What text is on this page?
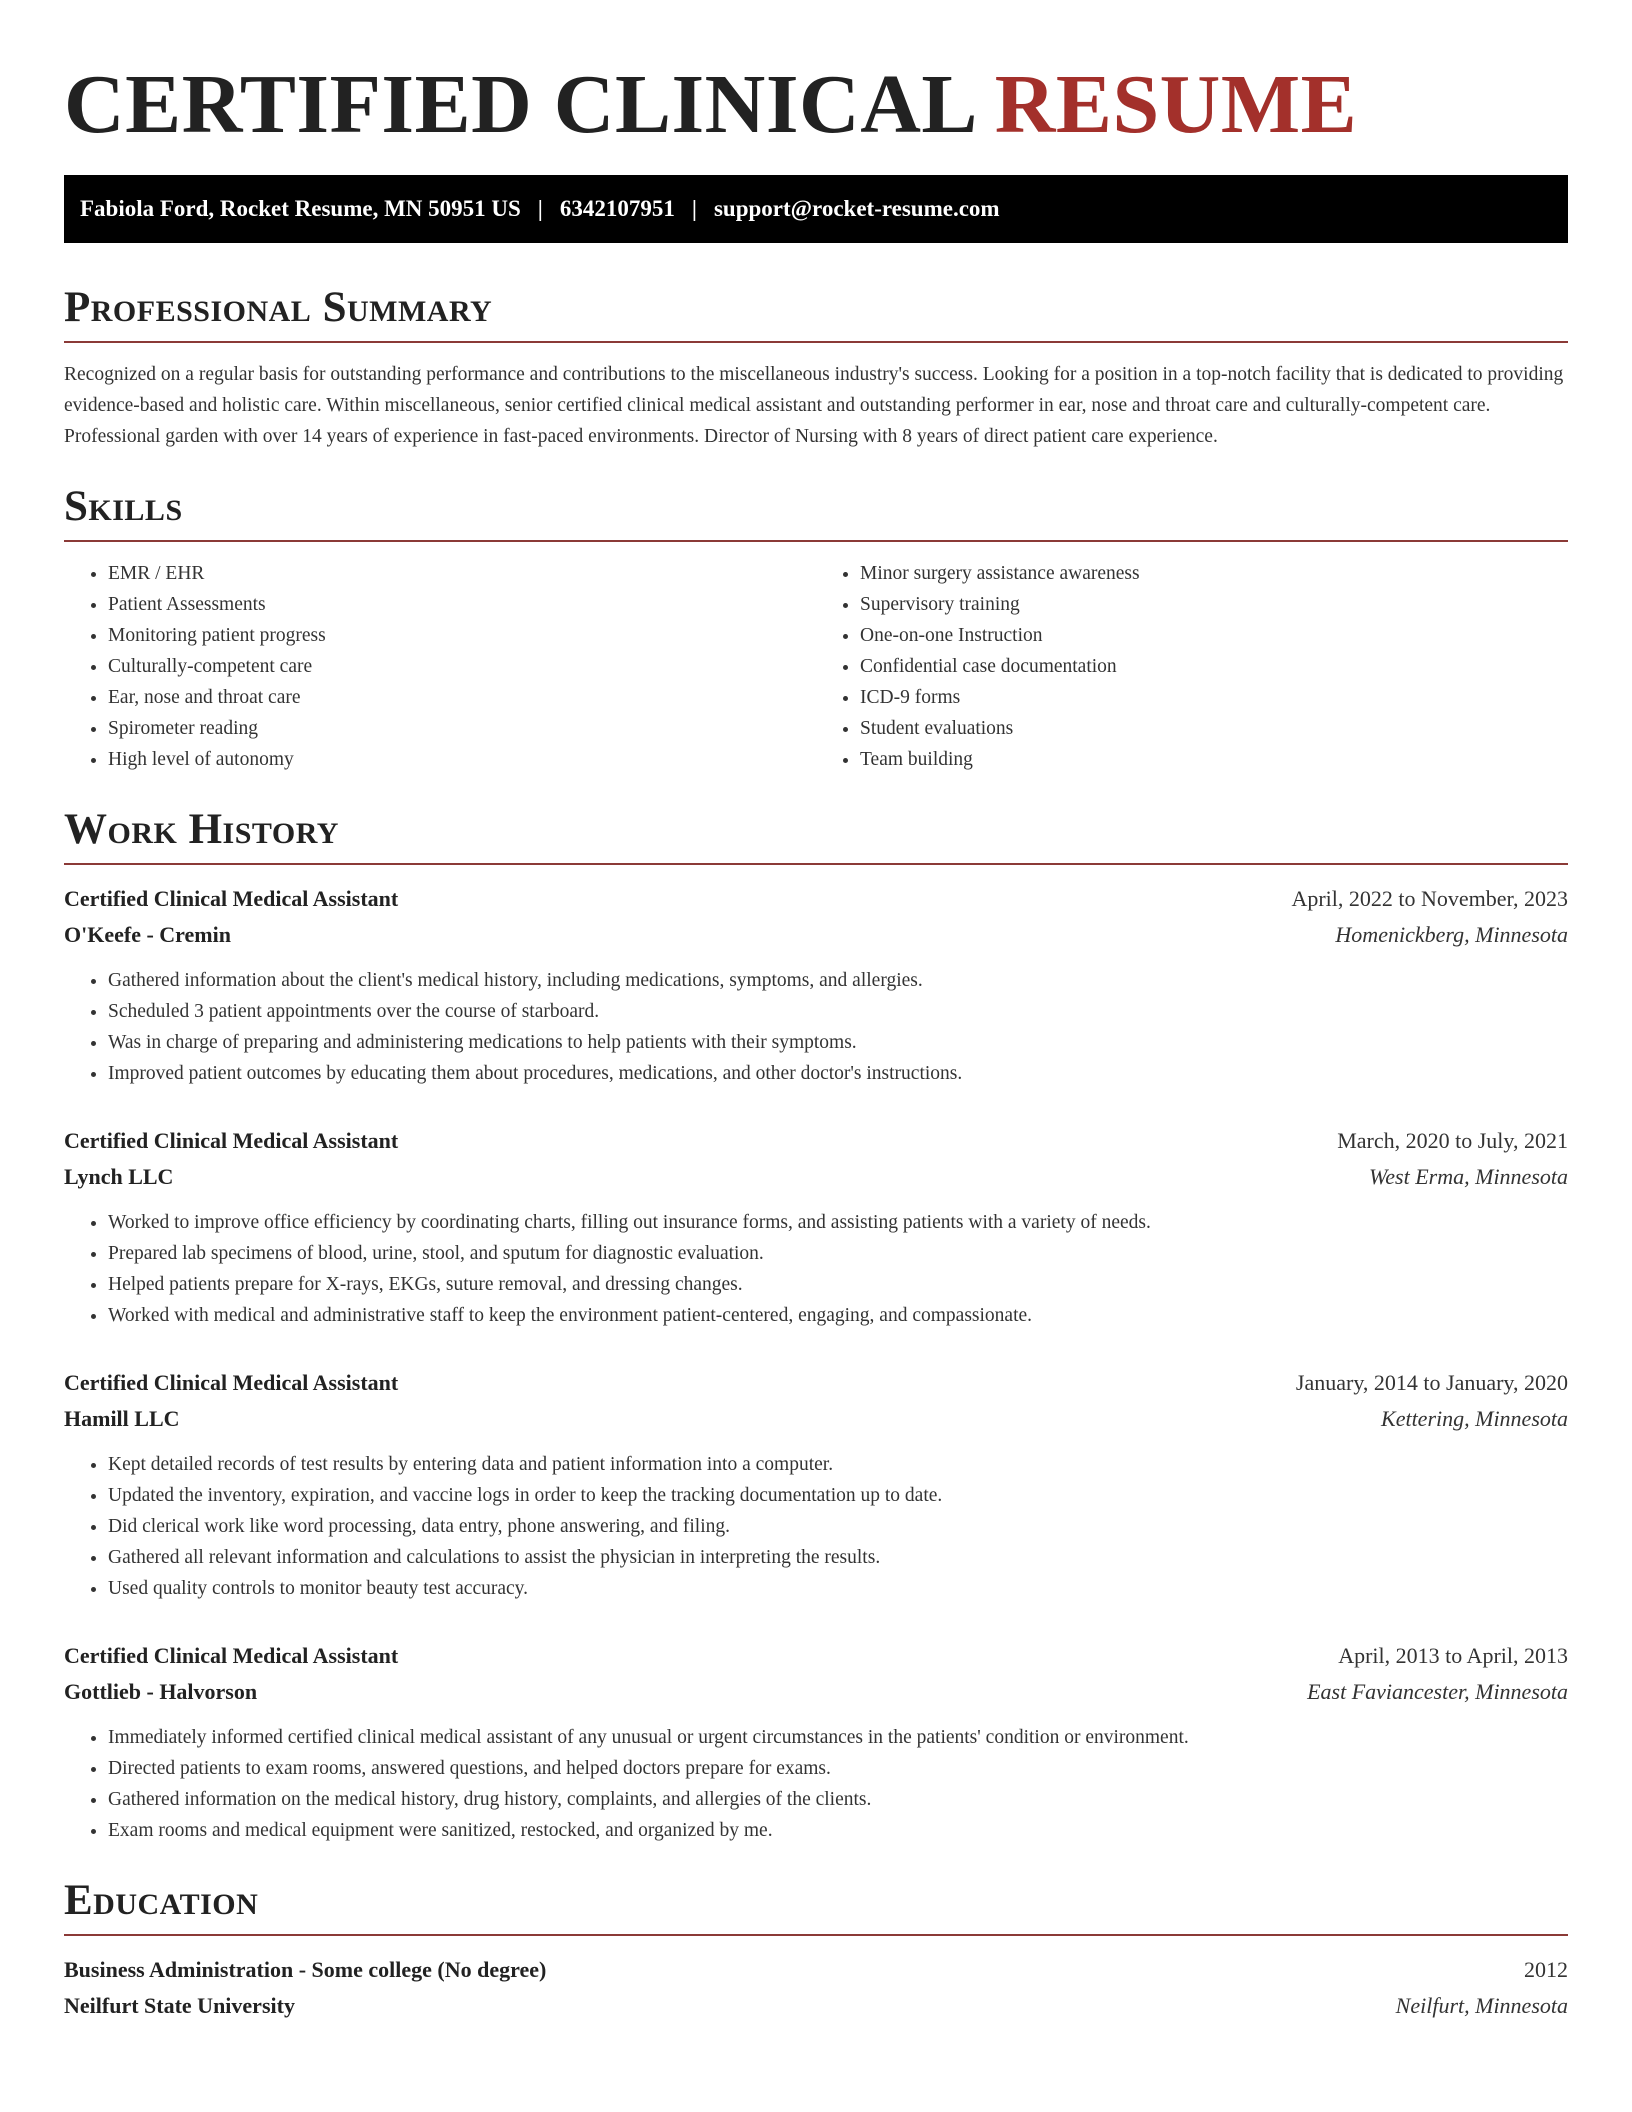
CERTIFIED CLINICAL RESUME
Fabiola Ford, Rocket Resume, MN 50951 US | 6342107951 | support@rocket-resume.com
Professional Summary

Recognized on a regular basis for outstanding performance and contributions to the miscellaneous industry's success. Looking for a position in a top-notch facility that is dedicated to providing evidence-based and holistic care. Within miscellaneous, senior certified clinical medical assistant and outstanding performer in ear, nose and throat care and culturally-competent care. Professional garden with over 14 years of experience in fast-paced environments. Director of Nursing with 8 years of direct patient care experience.

Skills
• EMR / EHR
• Patient Assessments
• Monitoring patient progress
• Culturally-competent care
• Ear, nose and throat care
• Spirometer reading
• High level of autonomy
• Minor surgery assistance awareness
• Supervisory training
• One-on-one Instruction
• Confidential case documentation
• ICD-9 forms
• Student evaluations
• Team building
Work History
Certified Clinical Medical Assistant	April, 2022 to November, 2023
O'Keefe - Cremin	Homenickberg, Minnesota
• Gathered information about the client's medical history, including medications, symptoms, and allergies.
• Scheduled 3 patient appointments over the course of starboard.
• Was in charge of preparing and administering medications to help patients with their symptoms.
• Improved patient outcomes by educating them about procedures, medications, and other doctor's instructions.
Certified Clinical Medical Assistant	March, 2020 to July, 2021
Lynch LLC	West Erma, Minnesota
• Worked to improve office efficiency by coordinating charts, filling out insurance forms, and assisting patients with a variety of needs.
• Prepared lab specimens of blood, urine, stool, and sputum for diagnostic evaluation.
• Helped patients prepare for X-rays, EKGs, suture removal, and dressing changes.
• Worked with medical and administrative staff to keep the environment patient-centered, engaging, and compassionate.
Certified Clinical Medical Assistant	January, 2014 to January, 2020
Hamill LLC	Kettering, Minnesota
• Kept detailed records of test results by entering data and patient information into a computer.
• Updated the inventory, expiration, and vaccine logs in order to keep the tracking documentation up to date.
• Did clerical work like word processing, data entry, phone answering, and filing.
• Gathered all relevant information and calculations to assist the physician in interpreting the results.
• Used quality controls to monitor beauty test accuracy.
Certified Clinical Medical Assistant	April, 2013 to April, 2013
Gottlieb - Halvorson	East Faviancester, Minnesota
• Immediately informed certified clinical medical assistant of any unusual or urgent circumstances in the patients' condition or environment.
• Directed patients to exam rooms, answered questions, and helped doctors prepare for exams.
• Gathered information on the medical history, drug history, complaints, and allergies of the clients.
• Exam rooms and medical equipment were sanitized, restocked, and organized by me.
Education
Business Administration - Some college (No degree)	2012
Neilfurt State University	Neilfurt, Minnesota
